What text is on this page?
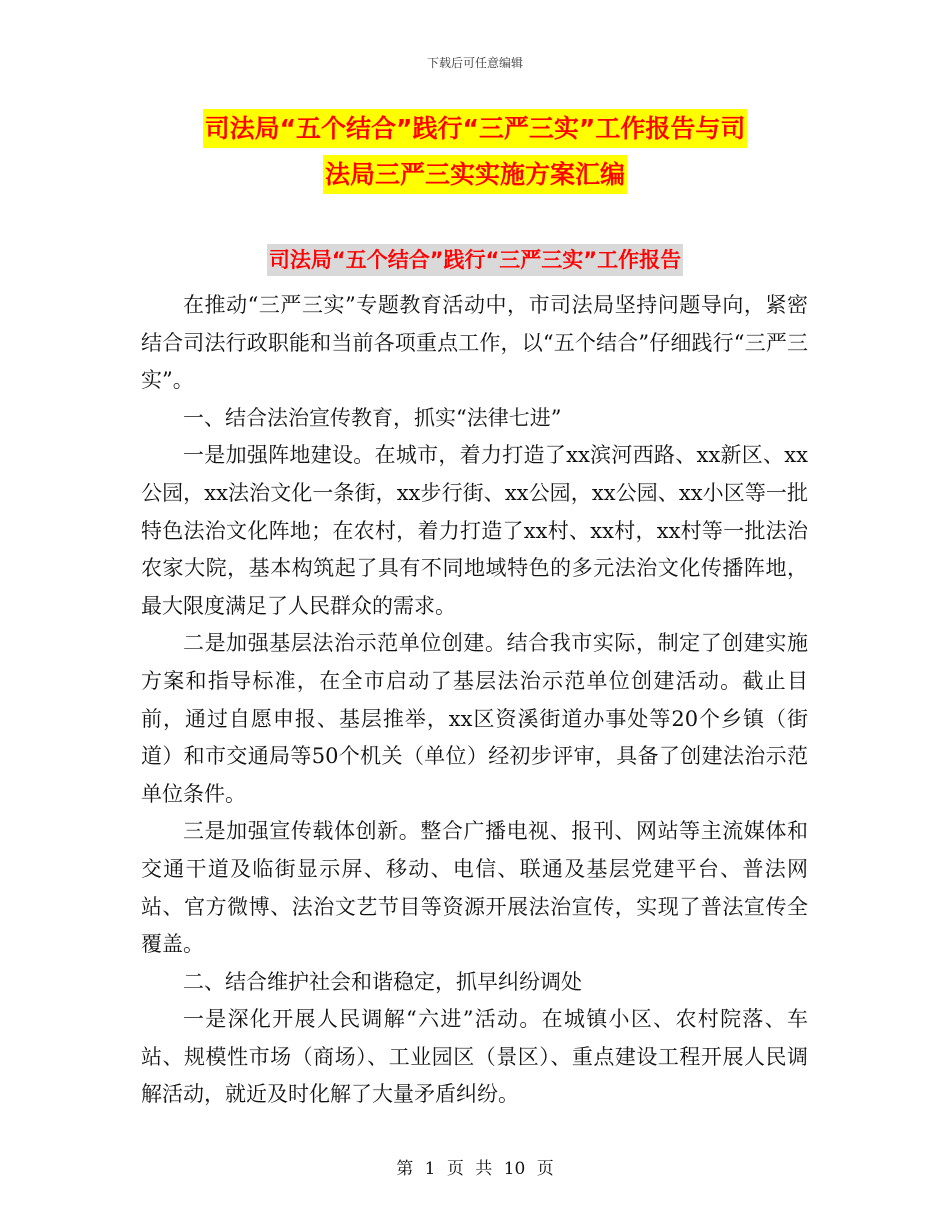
下载后可任意编辑
司法局“五个结合”践行“三严三实”工作报告与司
法局三严三实实施方案汇编
司法局“五个结合”践行“三严三实”工作报告

在推动“三严三实”专题教育活动中，市司法局坚持问题导向，紧密结合司法行政职能和当前各项重点工作，以“五个结合”仔细践行“三严三实”。

一、结合法治宣传教育，抓实“法律七进”

一是加强阵地建设。在城市，着力打造了xx滨河西路、xx新区、xx公园，xx法治文化一条街，xx步行街、xx公园，xx公园、xx小区等一批特色法治文化阵地；在农村，着力打造了xx村、xx村，xx村等一批法治农家大院，基本构筑起了具有不同地域特色的多元法治文化传播阵地，最大限度满足了人民群众的需求。

二是加强基层法治示范单位创建。结合我市实际，制定了创建实施方案和指导标准，在全市启动了基层法治示范单位创建活动。截止目前，通过自愿申报、基层推举，xx区资溪街道办事处等20个乡镇（街道）和市交通局等50个机关（单位）经初步评审，具备了创建法治示范单位条件。

三是加强宣传载体创新。整合广播电视、报刊、网站等主流媒体和交通干道及临街显示屏、移动、电信、联通及基层党建平台、普法网站、官方微博、法治文艺节目等资源开展法治宣传，实现了普法宣传全覆盖。

二、结合维护社会和谐稳定，抓早纠纷调处

一是深化开展人民调解“六进”活动。在城镇小区、农村院落、车站、规模性市场（商场）、工业园区（景区）、重点建设工程开展人民调解活动，就近及时化解了大量矛盾纠纷。

第 1 页 共 10 页
